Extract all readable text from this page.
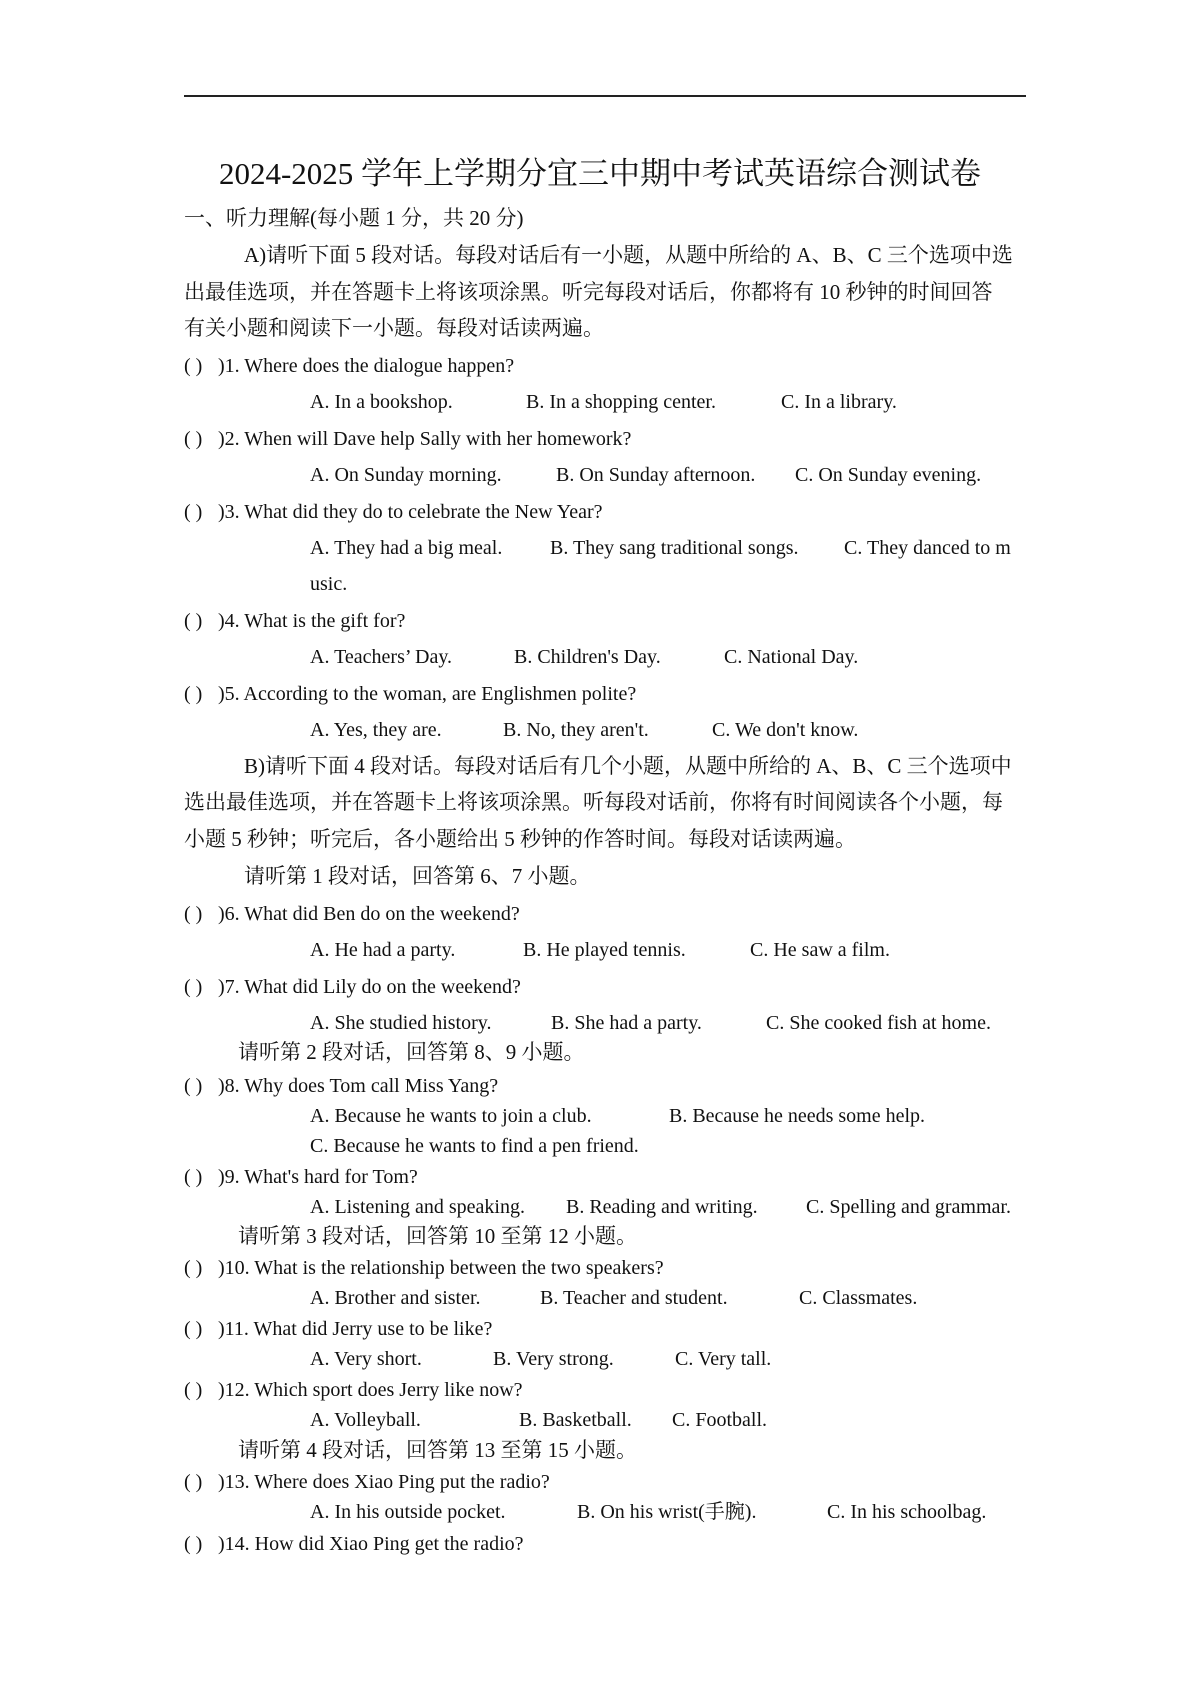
2024-2025 学年上学期分宜三中期中考试英语综合测试卷
一、听力理解(每小题 1 分，共 20 分)
A)请听下面 5 段对话。每段对话后有一小题，从题中所给的 A、B、C 三个选项中选
出最佳选项，并在答题卡上将该项涂黑。听完每段对话后，你都将有 10 秒钟的时间回答
有关小题和阅读下一小题。每段对话读两遍。
( ) )1. Where does the dialogue happen?
A. In a bookshop.	B. In a shopping center.	C. In a library.
( ) )2. When will Dave help Sally with her homework?
A. On Sunday morning.	B. On Sunday afternoon. C. On Sunday evening.
( ) )3. What did they do to celebrate the New Year?
A. They had a big meal. B. They sang traditional songs. C. They danced to m
usic.
( ) )4. What is the gift for?
A. Teachers’ Day.	B. Children's Day.	C. National Day.
( ) )5. According to the woman, are Englishmen polite?
A. Yes, they are.	B. No, they aren't.	C. We don't know.
B)请听下面 4 段对话。每段对话后有几个小题，从题中所给的 A、B、C 三个选项中
选出最佳选项，并在答题卡上将该项涂黑。听每段对话前，你将有时间阅读各个小题，每
小题 5 秒钟；听完后，各小题给出 5 秒钟的作答时间。每段对话读两遍。
请听第 1 段对话，回答第 6、7 小题。
( ) )6. What did Ben do on the weekend?
A. He had a party.	B. He played tennis.	C. He saw a film.
( ) )7. What did Lily do on the weekend?
A. She studied history.	B. She had a party.	C. She cooked fish at home.
请听第 2 段对话，回答第 8、9 小题。
( ) )8. Why does Tom call Miss Yang?
A. Because he wants to join a club.	B. Because he needs some help.
C. Because he wants to find a pen friend.
( ) )9. What's hard for Tom?
A. Listening and speaking. B. Reading and writing. C. Spelling and grammar.
请听第 3 段对话，回答第 10 至第 12 小题。
( ) )10. What is the relationship between the two speakers?
A. Brother and sister.	B. Teacher and student.	C. Classmates.
( ) )11. What did Jerry use to be like?
A. Very short.	B. Very strong.	C. Very tall.
( ) )12. Which sport does Jerry like now?
A. Volleyball.	B. Basketball. C. Football.
请听第 4 段对话，回答第 13 至第 15 小题。
( ) )13. Where does Xiao Ping put the radio?
A. In his outside pocket.	B. On his wrist(手腕).	C. In his schoolbag.
( ) )14. How did Xiao Ping get the radio?
